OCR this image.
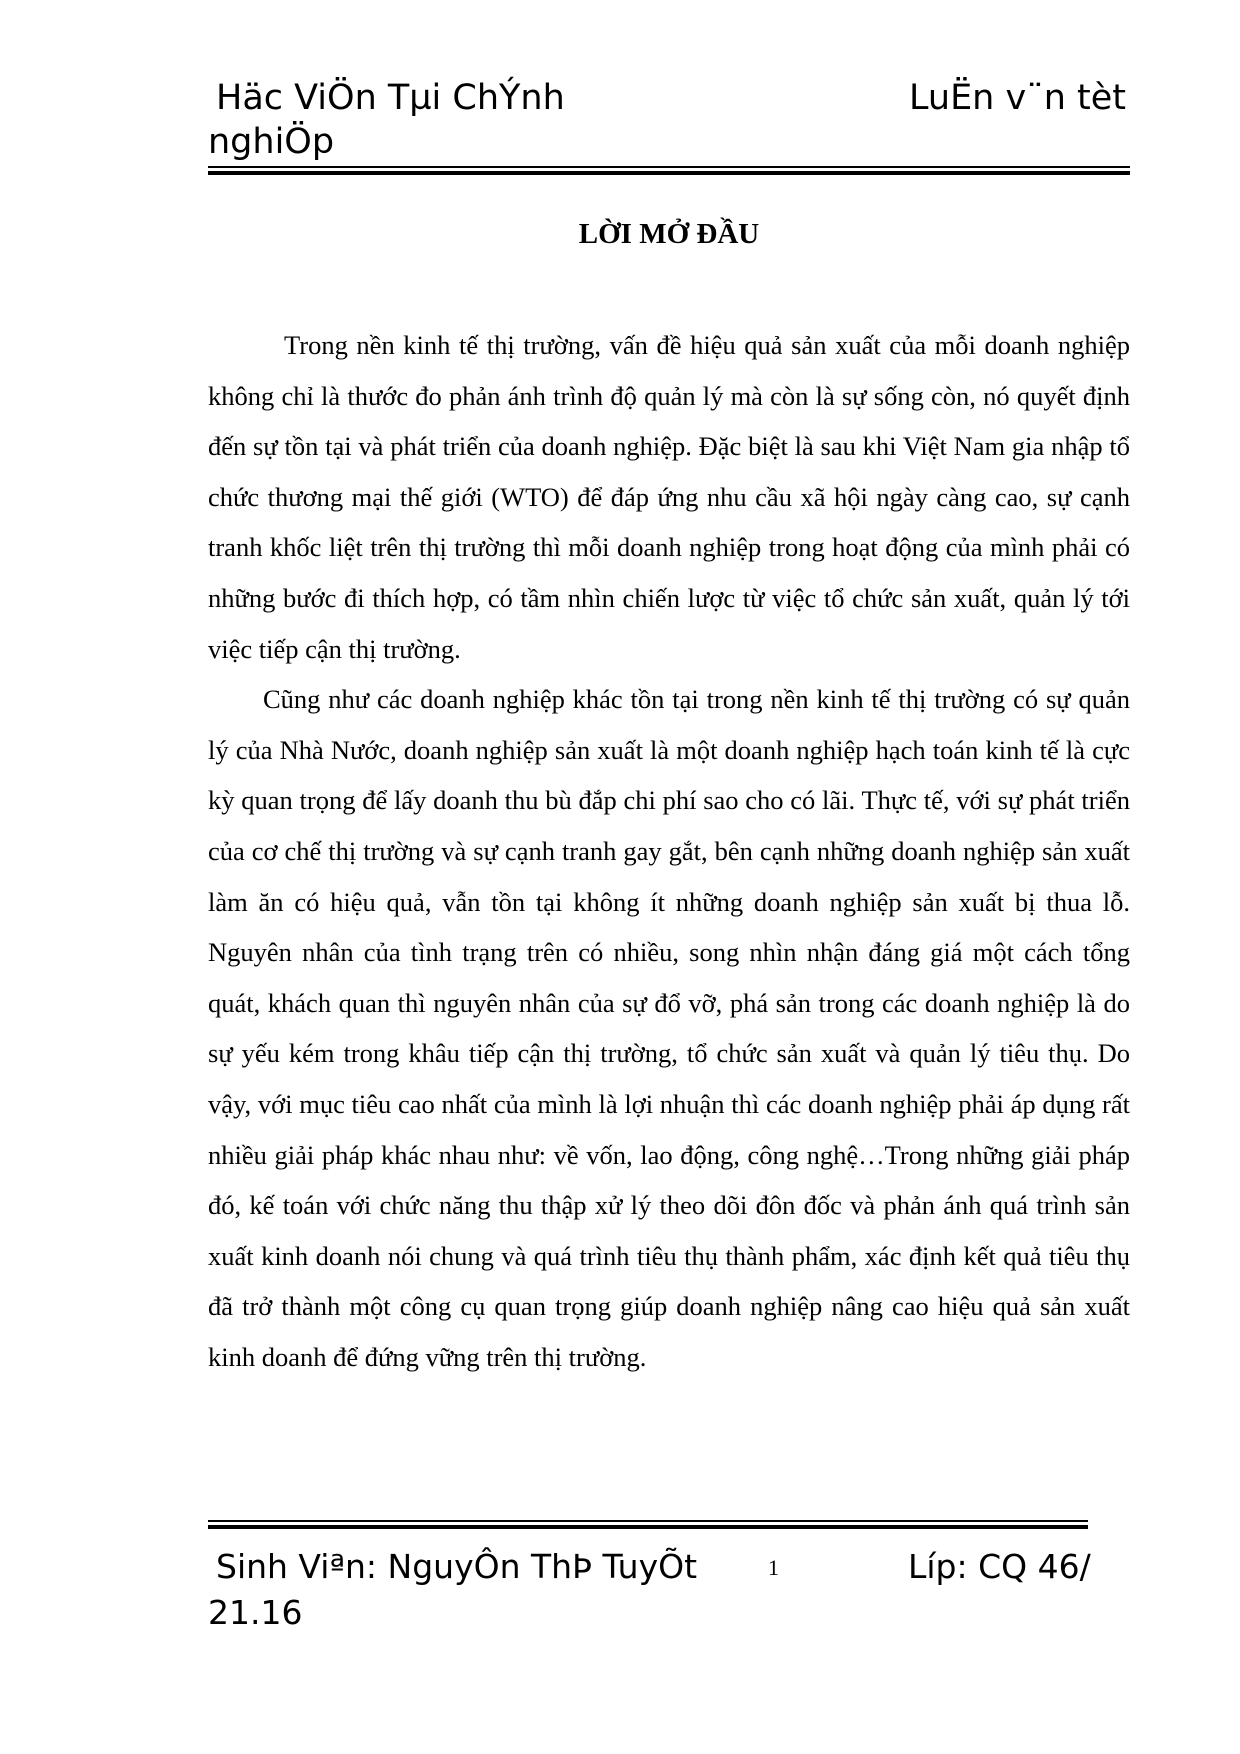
Häc ViÖn Tµi ChÝnh	LuËn v¨n tèt
nghiÖp
LỜI MỞ ĐẦU

Trong nền kinh tế thị trường, vấn đề hiệu quả sản xuất của mỗi doanh nghiệp không chỉ là thước đo phản ánh trình độ quản lý mà còn là sự sống còn, nó quyết định đến sự tồn tại và phát triển của doanh nghiệp. Đặc biệt là sau khi Việt Nam gia nhập tổ chức thương mại thế giới (WTO) để đáp ứng nhu cầu xã hội ngày càng cao, sự cạnh tranh khốc liệt trên thị trường thì mỗi doanh nghiệp trong hoạt động của mình phải có những bước đi thích hợp, có tầm nhìn chiến lược từ việc tổ chức sản xuất, quản lý tới việc tiếp cận thị trường.

Cũng như các doanh nghiệp khác tồn tại trong nền kinh tế thị trường có sự quản lý của Nhà Nước, doanh nghiệp sản xuất là một doanh nghiệp hạch toán kinh tế là cực kỳ quan trọng để lấy doanh thu bù đắp chi phí sao cho có lãi. Thực tế, với sự phát triển của cơ chế thị trường và sự cạnh tranh gay gắt, bên cạnh những doanh nghiệp sản xuất làm ăn có hiệu quả, vẫn tồn tại không ít những doanh nghiệp sản xuất bị thua lỗ. Nguyên nhân của tình trạng trên có nhiều, song nhìn nhận đáng giá một cách tổng quát, khách quan thì nguyên nhân của sự đổ vỡ, phá sản trong các doanh nghiệp là do sự yếu kém trong khâu tiếp cận thị trường, tổ chức sản xuất và quản lý tiêu thụ. Do vậy, với mục tiêu cao nhất của mình là lợi nhuận thì các doanh nghiệp phải áp dụng rất nhiều giải pháp khác nhau như: về vốn, lao động, công nghệ…Trong những giải pháp đó, kế toán với chức năng thu thập xử lý theo dõi đôn đốc và phản ánh quá trình sản xuất kinh doanh nói chung và quá trình tiêu thụ thành phẩm, xác định kết quả tiêu thụ đã trở thành một công cụ quan trọng giúp doanh nghiệp nâng cao hiệu quả sản xuất kinh doanh để đứng vững trên thị trường.

Sinh Viªn: NguyÔn ThÞ TuyÕt	1	Líp: CQ 46/
21.16
